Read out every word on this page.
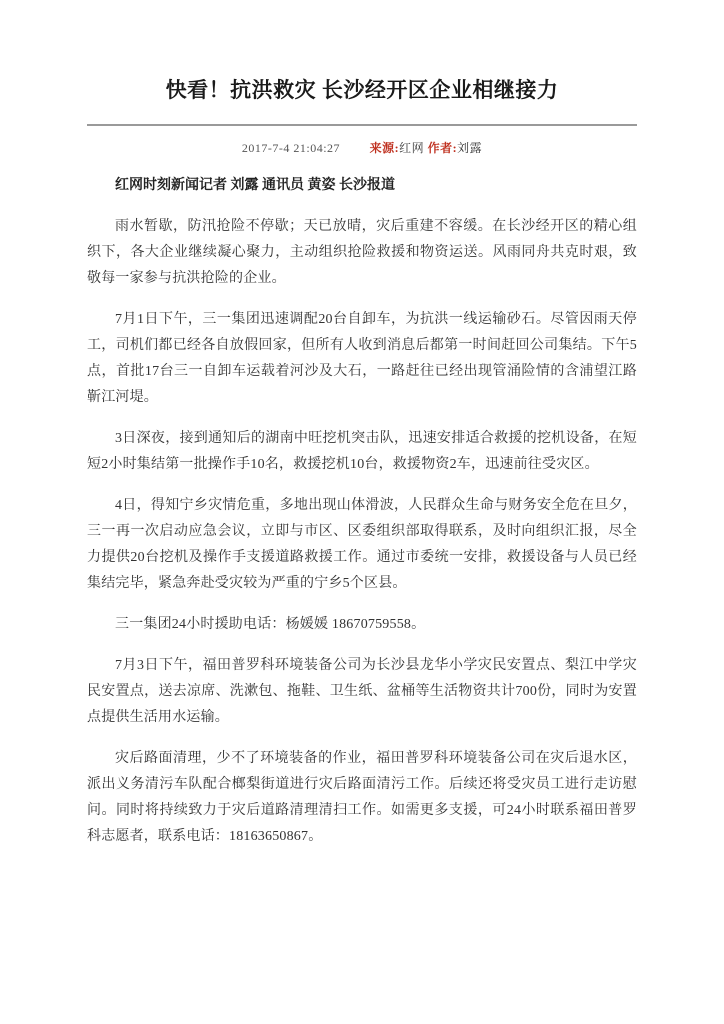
快看！抗洪救灾 长沙经开区企业相继接力
2017-7-4 21:04:27 来源:红网 作者:刘露

红网时刻新闻记者 刘露 通讯员 黄姿 长沙报道

雨水暂歇，防汛抢险不停歇；天已放晴，灾后重建不容缓。在长沙经开区的精心组织下，各大企业继续凝心聚力，主动组织抢险救援和物资运送。风雨同舟共克时艰，致敬每一家参与抗洪抢险的企业。

7月1日下午，三一集团迅速调配20台自卸车，为抗洪一线运输砂石。尽管因雨天停工，司机们都已经各自放假回家，但所有人收到消息后都第一时间赶回公司集结。下午5点，首批17台三一自卸车运载着河沙及大石，一路赶往已经出现管涌险情的含浦望江路靳江河堤。

3日深夜，接到通知后的湖南中旺挖机突击队，迅速安排适合救援的挖机设备，在短短2小时集结第一批操作手10名，救援挖机10台，救援物资2车，迅速前往受灾区。

4日，得知宁乡灾情危重，多地出现山体滑波，人民群众生命与财务安全危在旦夕，三一再一次启动应急会议，立即与市区、区委组织部取得联系，及时向组织汇报，尽全力提供20台挖机及操作手支援道路救援工作。通过市委统一安排，救援设备与人员已经集结完毕，紧急奔赴受灾较为严重的宁乡5个区县。

三一集团24小时援助电话：杨媛媛 18670759558。

7月3日下午，福田普罗科环境装备公司为长沙县龙华小学灾民安置点、梨江中学灾民安置点，送去凉席、洗漱包、拖鞋、卫生纸、盆桶等生活物资共计700份，同时为安置点提供生活用水运输。

灾后路面清理，少不了环境装备的作业，福田普罗科环境装备公司在灾后退水区，派出义务清污车队配合榔梨街道进行灾后路面清污工作。后续还将受灾员工进行走访慰问。同时将持续致力于灾后道路清理清扫工作。如需更多支援，可24小时联系福田普罗科志愿者，联系电话：18163650867。
